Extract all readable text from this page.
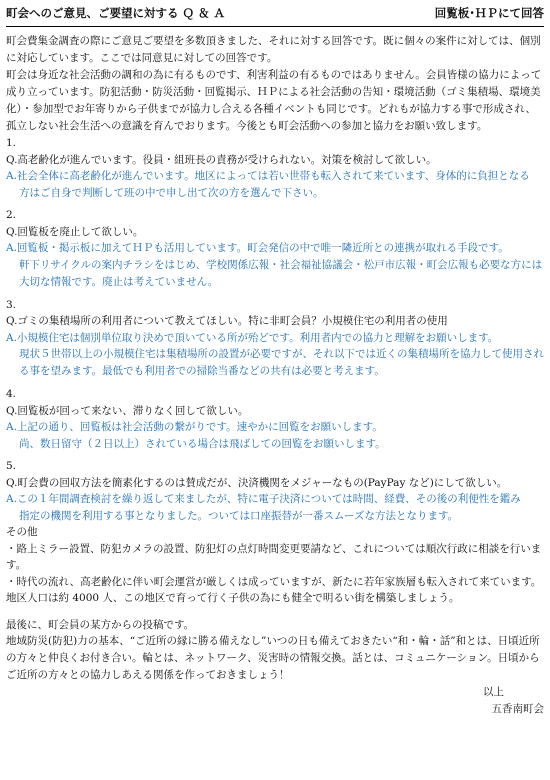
町会へのご意見、ご要望に対する Ｑ ＆ Ａ	回覧板･ＨＰにて回答

町会費集金調査の際にご意見ご要望を多数頂きました、それに対する回答です。既に個々の案件に対しては、個別に対応しています。ここでは同意見に対しての回答です。

町会は身近な社会活動の調和の為に有るものです、利害利益の有るものではありません。会員皆様の協力によって成り立っています。防犯活動・防災活動・回覧掲示、ＨＰによる社会活動の告知・環境活動（ゴミ集積場、環境美化）・参加型でお年寄りから子供までが協力し合える各種イベントも同じです。どれもが協力する事で形成され、孤立しない社会生活への意識を育んでおります。今後とも町会活動への参加と協力をお願い致します。

1.
Q.高老齢化が進んでいます。役員・組班長の責務が受けられない。対策を検討して欲しい。
A.社会全体に高老齢化が進んでいます。地区によっては若い世帯も転入されて来ています、身体的に負担となる
方はご自身で判断して班の中で申し出て次の方を選んで下さい。
2.
Q.回覧板を廃止して欲しい。
A.回覧板・掲示板に加えてＨＰも活用しています。町会発信の中で唯一隣近所との連携が取れる手段です。

軒下リサイクルの案内チラシをはじめ、学校関係広報・社会福祉協議会・松戸市広報・町会広報も必要な方には大切な情報です。廃止は考えていません。

3.
Q.ゴミの集積場所の利用者について教えてほしい。特に非町会員？小規模住宅の利用者の使用
A.小規模住宅は個別単位取り決めで頂いている所が殆どです。利用者内での協力と理解をお願いします。

現状５世帯以上の小規模住宅は集積場所の設置が必要ですが、それ以下では近くの集積場所を協力して使用される事を望みます。最低でも利用者での掃除当番などの共有は必要と考えます。

4.
Q.回覧板が回って来ない、滞りなく回して欲しい。
A.上記の通り、回覧板は社会活動の繋がりです。速やかに回覧をお願いします。
尚、数日留守（２日以上）されている場合は飛ばしての回覧をお願いします。
5.
Q.町会費の回収方法を簡素化するのは賛成だが、決済機関をメジャーなもの(PayPay など)にして欲しい。
A.この１年間調査検討を繰り返して来ましたが、特に電子決済については時間、経費、その後の利便性を鑑み
指定の機関を利用する事となりました。ついては口座振替が一番スムーズな方法となります。
その他

・路上ミラー設置、防犯カメラの設置、防犯灯の点灯時間変更要請など、これについては順次行政に相談を行います。

・時代の流れ、高老齢化に伴い町会運営が厳しくは成っていますが、新たに若年家族層も転入されて来ています。地区人口は約 4000 人、この地区で育って行く子供の為にも健全で明るい街を構築しましょう。

最後に、町会員の某方からの投稿です。

地域防災(防犯)力の基本、“ご近所の縁に勝る備えなし”いつの日も備えておきたい“和・輪・話”和とは、日頃近所の方々と仲良くお付き合い。輪とは、ネットワーク、災害時の情報交換。話とは、コミュニケーション。日頃からご近所の方々との協力しあえる関係を作っておきましょう！

以上
五香南町会
